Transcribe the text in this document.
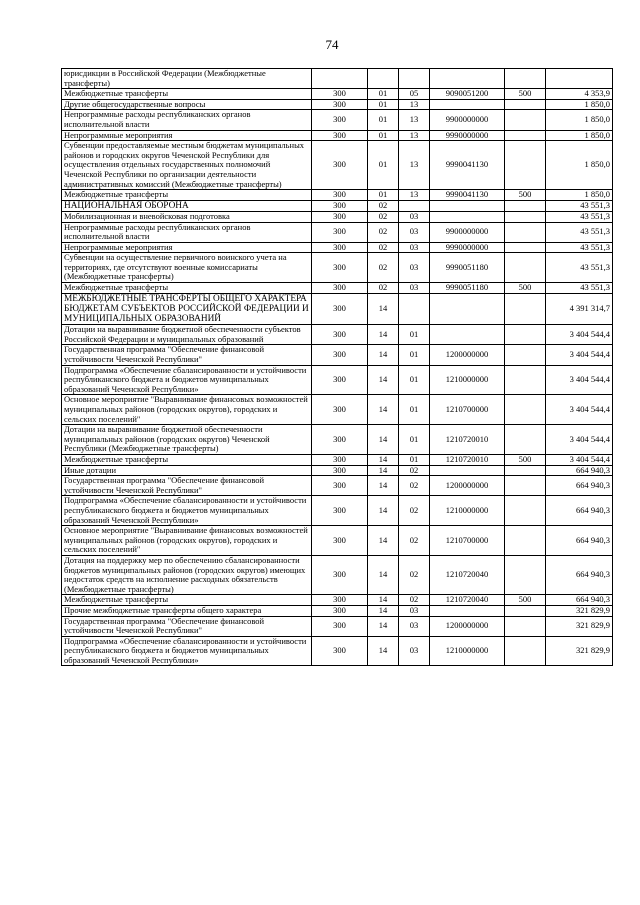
74
юрисдикции в Российской Федерации (Межбюджетные трансферты)						
Межбюджетные трансферты	300	01	05	9090051200	500	4 353,9
Другие общегосударственные вопросы	300	01	13			1 850,0
Непрограммные расходы республиканских органов исполнительной власти	300	01	13	9900000000		1 850,0
Непрограммные мероприятия	300	01	13	9990000000		1 850,0
Субвенции предоставляемые местным бюджетам муниципальных районов и городских округов Чеченской Республики для осуществления отдельных государственных полномочий Чеченской Республики по организации деятельности административных комиссий (Межбюджетные трансферты)	300	01	13	9990041130		1 850,0
Межбюджетные трансферты	300	01	13	9990041130	500	1 850,0
НАЦИОНАЛЬНАЯ ОБОРОНА	300	02				43 551,3
Мобилизационная и вневойсковая подготовка	300	02	03			43 551,3
Непрограммные расходы республиканских органов исполнительной власти	300	02	03	9900000000		43 551,3
Непрограммные мероприятия	300	02	03	9990000000		43 551,3
Субвенции на осуществление первичного воинского учета на территориях, где отсутствуют военные комиссариаты (Межбюджетные трансферты)	300	02	03	9990051180		43 551,3
Межбюджетные трансферты	300	02	03	9990051180	500	43 551,3
МЕЖБЮДЖЕТНЫЕ ТРАНСФЕРТЫ ОБЩЕГО ХАРАКТЕРА БЮДЖЕТАМ СУБЪЕКТОВ РОССИЙСКОЙ ФЕДЕРАЦИИ И МУНИЦИПАЛЬНЫХ ОБРАЗОВАНИЙ	300	14				4 391 314,7
Дотации на выравнивание бюджетной обеспеченности субъектов Российской Федерации и муниципальных образований	300	14	01			3 404 544,4
Государственная программа "Обеспечение финансовой устойчивости Чеченской Республики"	300	14	01	1200000000		3 404 544,4
Подпрограмма «Обеспечение сбалансированности и устойчивости республиканского бюджета и бюджетов муниципальных образований Чеченской Республики»	300	14	01	1210000000		3 404 544,4
Основное мероприятие "Выравнивание финансовых возможностей муниципальных районов (городских округов), городских и сельских поселений"	300	14	01	1210700000		3 404 544,4
Дотации на выравнивание бюджетной обеспеченности муниципальных районов (городских округов) Чеченской Республики (Межбюджетные трансферты)	300	14	01	1210720010		3 404 544,4
Межбюджетные трансферты	300	14	01	1210720010	500	3 404 544,4
Иные дотации	300	14	02			664 940,3
Государственная программа "Обеспечение финансовой устойчивости Чеченской Республики"	300	14	02	1200000000		664 940,3
Подпрограмма «Обеспечение сбалансированности и устойчивости республиканского бюджета и бюджетов муниципальных образований Чеченской Республики»	300	14	02	1210000000		664 940,3
Основное мероприятие "Выравнивание финансовых возможностей муниципальных районов (городских округов), городских и сельских поселений"	300	14	02	1210700000		664 940,3
Дотация на поддержку мер по обеспечению сбалансированности бюджетов муниципальных районов (городских округов) имеющих недостаток средств на исполнение расходных обязательств (Межбюджетные трансферты)	300	14	02	1210720040		664 940,3
Межбюджетные трансферты	300	14	02	1210720040	500	664 940,3
Прочие межбюджетные трансферты общего характера	300	14	03			321 829,9
Государственная программа "Обеспечение финансовой устойчивости Чеченской Республики"	300	14	03	1200000000		321 829,9
Подпрограмма «Обеспечение сбалансированности и устойчивости республиканского бюджета и бюджетов муниципальных образований Чеченской Республики»	300	14	03	1210000000		321 829,9
